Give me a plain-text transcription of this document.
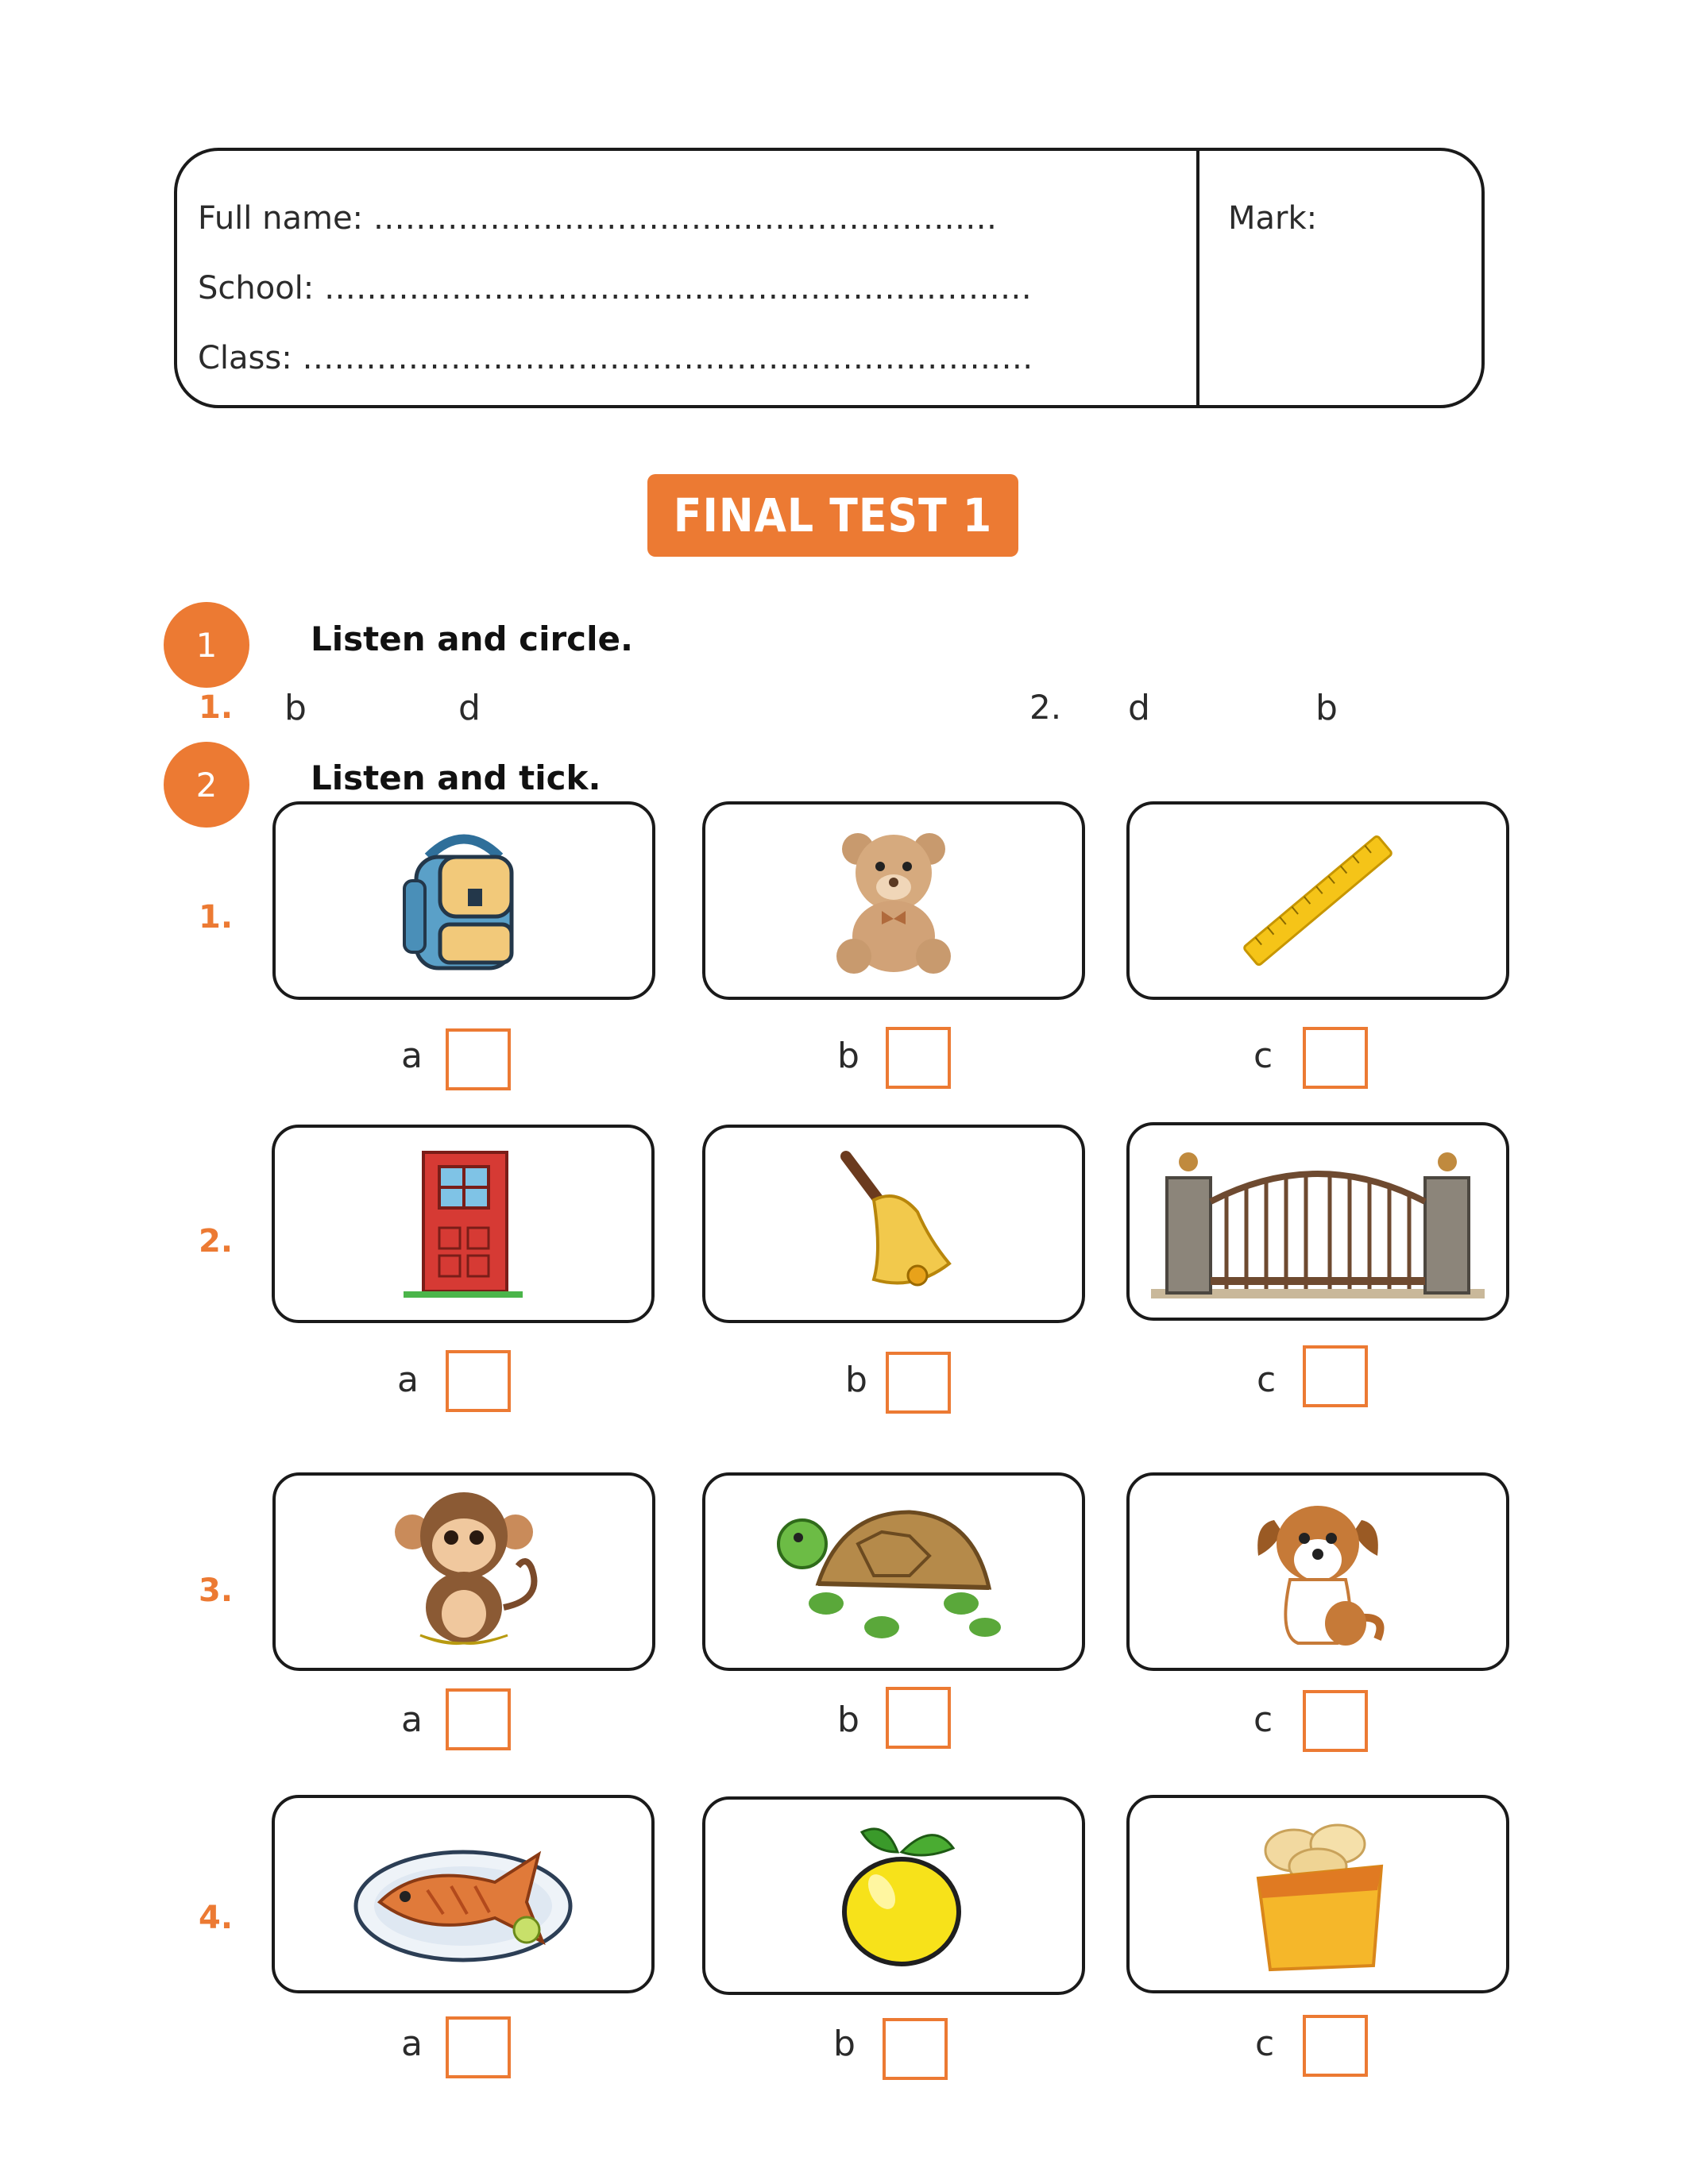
Full name: ……………………………..……………………
School: ……………………………..…………………..………
Class: ……………………………………………………………
Mark:
FINAL TEST 1
1	Listen and circle.
1. b	d	2. d	b
2	Listen and tick.
1.
2.
3.
4.
a	b	c
a	b	c
a	b	c
a	b	c
